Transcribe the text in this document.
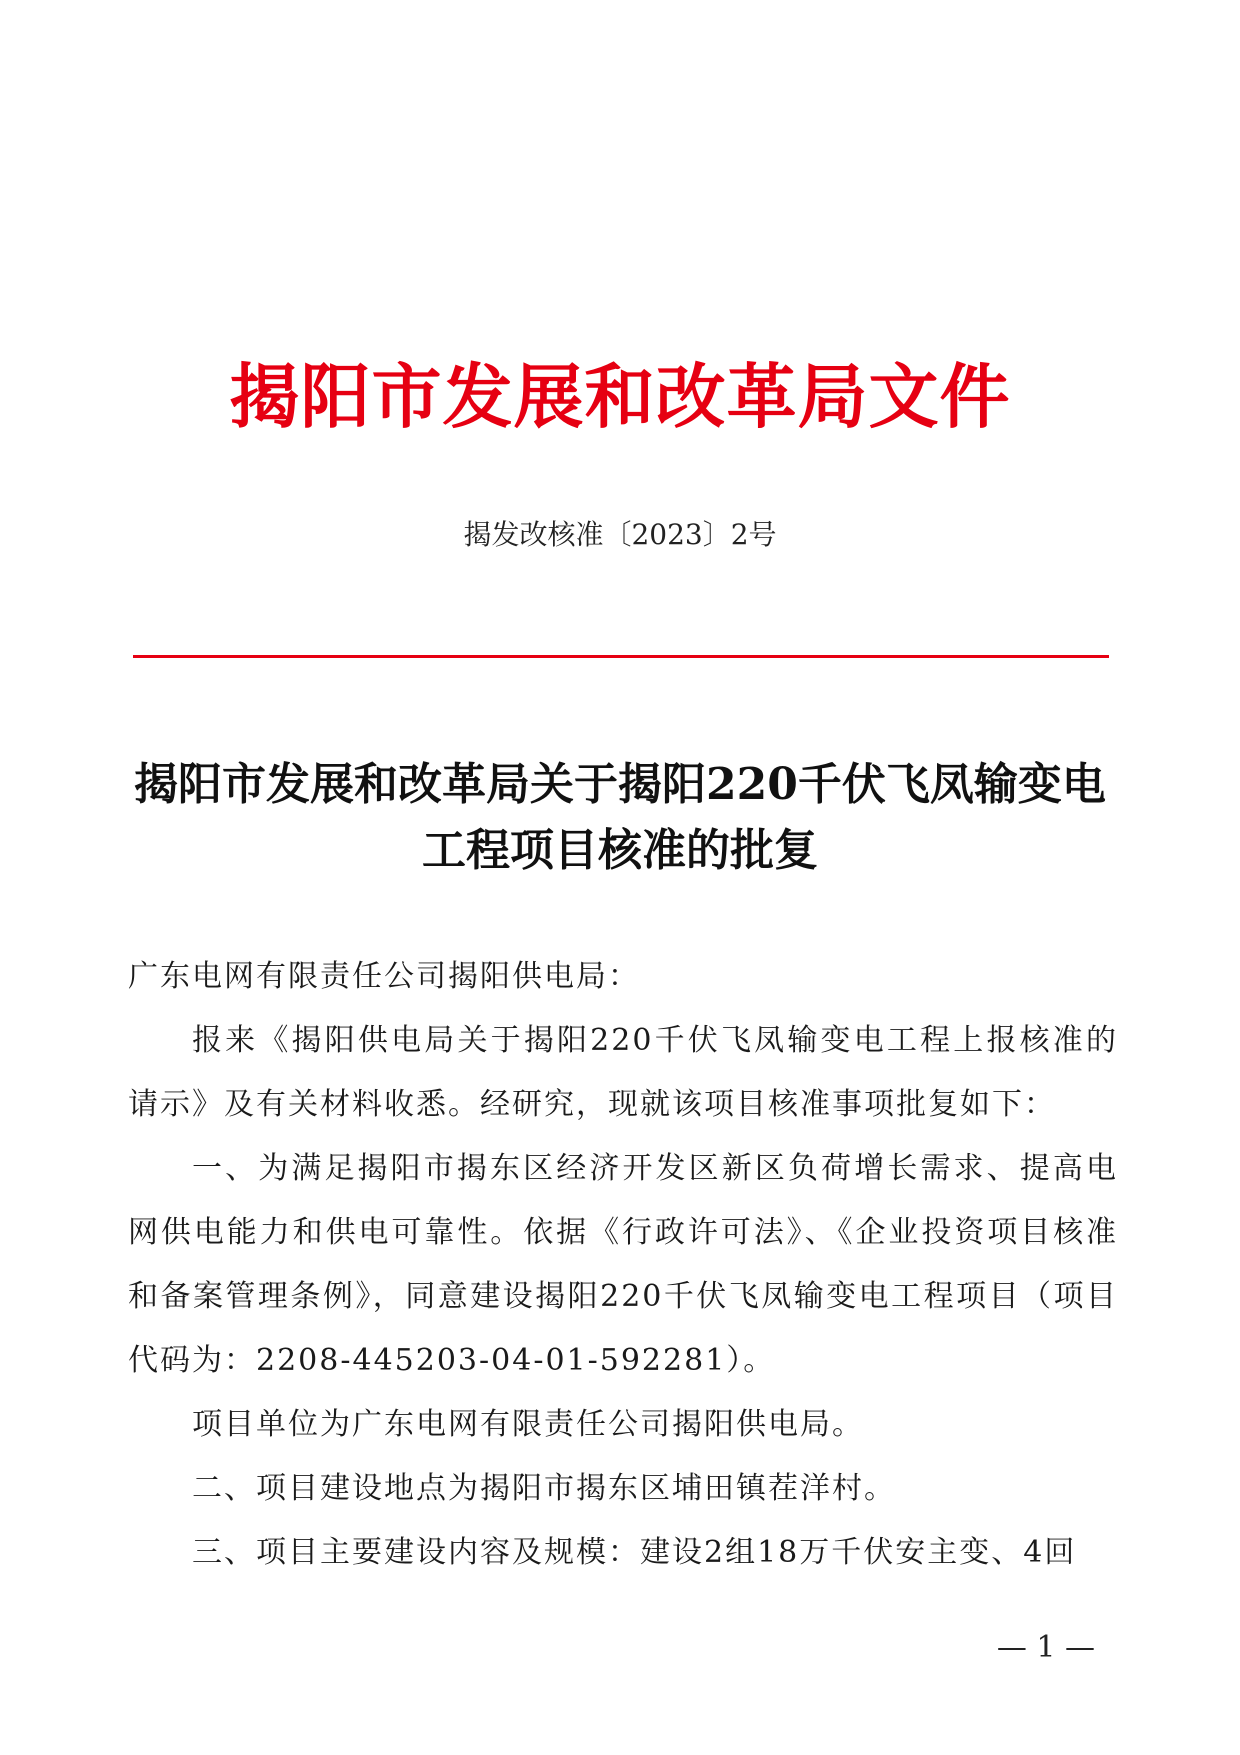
揭阳市发展和改革局文件
揭发改核准〔2023〕2号
揭阳市发展和改革局关于揭阳220千伏飞凤输变电
工程项目核准的批复

广东电网有限责任公司揭阳供电局：

报来《揭阳供电局关于揭阳220千伏飞凤输变电工程上报核准的请示》及有关材料收悉。经研究，现就该项目核准事项批复如下：

一、为满足揭阳市揭东区经济开发区新区负荷增长需求、提高电网供电能力和供电可靠性。依据《行政许可法》、《企业投资项目核准和备案管理条例》，同意建设揭阳220千伏飞凤输变电工程项目（项目代码为：2208-445203-04-01-592281）。

项目单位为广东电网有限责任公司揭阳供电局。

二、项目建设地点为揭阳市揭东区埔田镇茬洋村。

三、项目主要建设内容及规模：建设2组18万千伏安主变、4回

— 1 —
